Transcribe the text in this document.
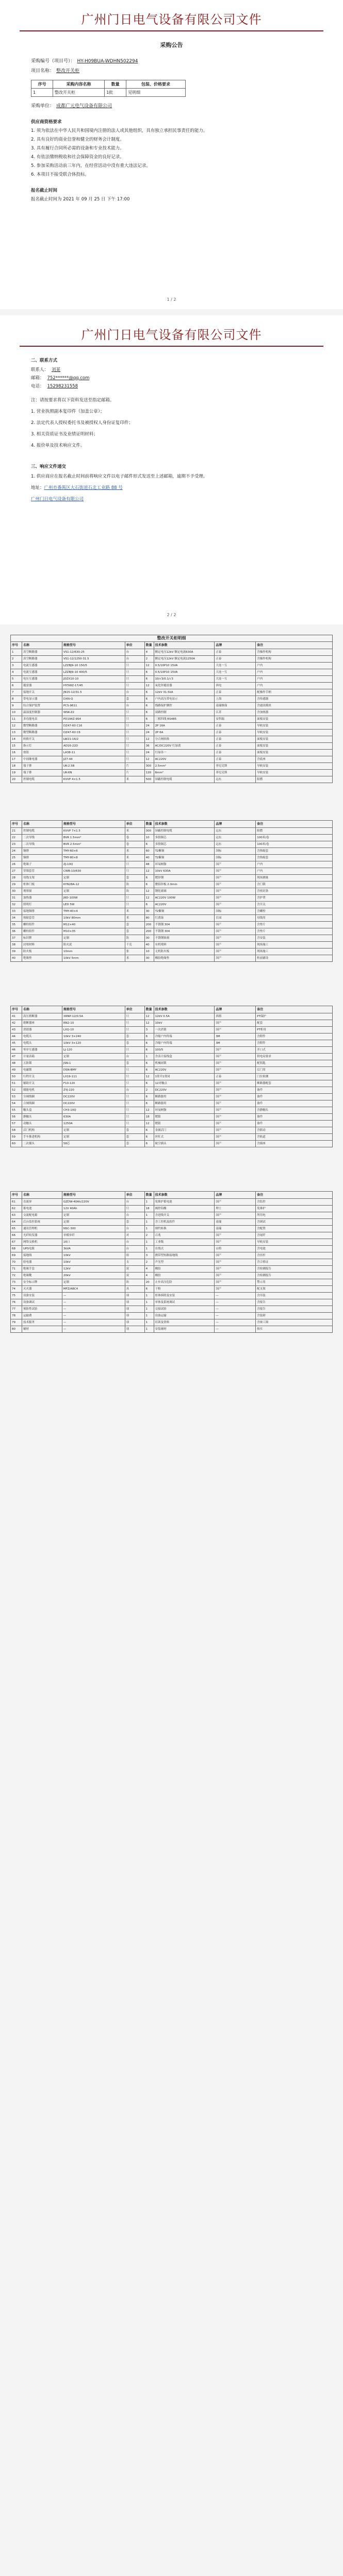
广州门日电气设备有限公司文件
采购公告
采购编号（项目号）： HY-H09BUA-WDHN502294
项目名称： 整改开关柜
序号	采购内容名称	数量	包装、价格要求
1	整改开关柜	1批	见明细
采购单位： 成都广元电气设备有限公司
供应商资格要求
1. 须为依法在中华人民共和国境内注册的法人或其他组织，具有独立承担民事责任的能力。
2. 具有良好的商业信誉和健全的财务会计制度。
3. 具有履行合同所必需的设备和专业技术能力。
4. 有依法缴纳税收和社会保障资金的良好记录。
5. 参加采购活动前三年内，在经营活动中没有重大违法记录。
6. 本项目不接受联合体投标。
报名截止时间
报名截止时间为 2021 年 09 月 25 日 下午 17:00
1 / 2
广州门日电气设备有限公司文件
二、联系方式
联系人： 刘某
邮箱： 752******@qq.com
电话： 15298231558
注：请按要求将以下资料发送至指定邮箱。
1. 营业执照副本复印件（加盖公章）；
2. 法定代表人授权委托书及被授权人身份证复印件；
3. 相关资质证书及业绩证明材料；
4. 报价单及技术响应文件。
三、响应文件递交
1. 供应商应在报名截止时间前将响应文件以电子邮件形式发送至上述邮箱，逾期不予受理。
地址：广州市番禺区大石街道石北工业路 88 号
广州门日电气设备有限公司
2 / 2
整改开关柜明细
序号	名称	规格型号	单位	数量 技术参数	品牌	备注
1	真空断路器	VS1-12/630-25	台	4	额定电压12kV 额定电流630A	正泰	含操作机构
2	真空断路器	VS1-12/1250-31.5	台	2	额定电压12kV 额定电流1250A	正泰	含操作机构
3	电流互感器	LZZBJ9-10 150/5	只	12	0.5/10P10 15VA	大连一互	户内
4	电流互感器	LZZBJ9-10 400/5	只	6	0.5/10P10 15VA	大连一互	户内
5	电压互感器	JDZX10-10	只	6	10/√3/0.1/√3	大连一互	户内
6	避雷器	HY5WZ-17/45	只	12	氧化锌避雷器	西电	户内
7	接地开关	JN15-12/31.5	台	6	12kV 31.5kA	正泰	配操作手柄
8	带电显示器	DXN-Q	套	6	户内高压带电显示	上海	含传感器
9	综合保护装置	PCS-9611	台	6	线路保护测控	南瑞继保	含通讯模块
10	温湿度控制器	WSK-Z2	只	6	双路控制	江苏	含加热器
11	多功能电表	PD194Z-9S4	只	6	三相四线 RS485	安科瑞	面板安装
12	微型断路器	DZ47-60 C16	只	24	2P 16A	正泰	导轨安装
13	微型断路器	DZ47-60 C6	只	24	2P 6A	正泰	导轨安装
14	转换开关	LW21-16/2	只	12	分合闸转换	正泰	面板安装
15	指示灯	AD16-22D	只	36	AC/DC220V 红绿黄	正泰	面板安装
16	按钮	LA38-11	只	24	红绿各一	正泰	面板安装
17	中间继电器	JZ7-44	只	12	AC220V	正泰	含底座
18	端子排	UK-2.5B	片	300	2.5mm²	菲尼克斯	导轨安装
19	端子排	UK-6N	片	120	6mm²	菲尼克斯	导轨安装
20	控制电缆	KVVP 4×1.5	米	500	屏蔽控制电缆	远东	阻燃
序号	名称	规格型号	单位	数量 技术参数	品牌	备注
21	控制电缆	KVVP 7×1.5	米	300	屏蔽控制电缆	远东	阻燃
22	二次导线	BVR 1.5mm²	卷	10	多股铜芯	远东	100米/卷
23	二次导线	BVR 2.5mm²	卷	6	多股铜芯	远东	100米/卷
24	铜排	TMY-60×6	米	60	T2紫铜	国标	含热缩套
25	铜排	TMY-80×8	米	40	T2紫铜	国标	含热缩套
26	绝缘子	ZJ-10Q	只	48	环氧树脂	国产	户内
27	穿墙套管	CWB-10/630	只	12	10kV 630A	国产	户内
28	母线支架	定制	套	6	镀锌钢	国产	现场测量
29	柜体门板	KYN28A-12	块	6	敷铝锌板 2.0mm	国产	含门锁
30	观察窗	定制	块	12	钢化玻璃	国产	含密封条
31	加热器	JRD-100W	只	12	AC220V 100W	国产	含护罩
32	照明灯	LED 5W	只	6	AC220V	国产	含开关
33	接地铜排	TMY-40×4	米	30	T2紫铜	国标	含螺栓
34	热缩套管	10kV 80mm	米	80	红黄绿	长园	母线用
35	螺栓组件	M12×40	套	200	不锈钢 304	国产	含垫片
36	螺栓组件	M10×35	套	200	不锈钢 304	国产	含垫片
37	标识牌	定制	块	30	不锈钢蚀刻	国产	含安装
38	封堵材料	防火泥	千克	40	有机堵料	国产	现场施工
39	防火板	10mm	张	10	无机防火板	国产	现场施工
40	绝缘垫	10kV 5mm	米	30	橡胶绝缘垫	国产	柜前铺设
序号	名称	规格型号	单位	数量 技术参数	品牌	备注
41	高压熔断器	XRNP-12/0.5A	只	12	12kV 0.5A	西熔	PT保护
42	熔断器座	RN2-10	只	12	10kV	国产	配套
43	消谐器	LXQ-10	只	3	一次消谐	国产	PT柜用
44	电缆头	10kV 3×240	套	6	冷缩户内终端	3M	含附件
45	电缆头	10kV 3×120	套	6	冷缩户内终端	3M	含附件
46	零序互感器	LJ-120	只	6	100/5	国产	开口式
47	计量表箱	定制	台	1	含表计接线盒	国产	供电局要求
48	五防锁	JSN-1	套	6	机械闭锁	国产	配钥匙
49	电磁锁	DSN-BMY	只	6	AC220V	国产	后门用
50	行程开关	LX19-111	只	12	1常开1常闭	正泰	门位检测
51	辅助开关	F10-12II	只	6	12对触点	国产	断路器配套
52	储能电机	ZYJ-220	台	2	DC220V	国产	备件
53	分闸线圈	DC220V	只	6	断路器用	国产	备件
54	合闸线圈	DC220V	只	6	断路器用	国产	备件
55	触头盒	CH3-10Q	只	12	环氧树脂	国产	含静触头
56	静触头	630A	只	18	镀银	国产	备件
57	动触头	1250A	只	12	镀银	国产	备件
58	活门机构	定制	套	6	金属活门	国产	含联动
59	手车推进机构	定制	套	6	丝杠式	国产	含轨道
60	二次插头	58芯	套	6	航空插头	国产	含插座
序号	名称	规格型号	单位	数量 技术参数	品牌	备注
61	直流屏	GZDW-40Ah/220V	台	1	免维护蓄电池	国产	含监控
62	蓄电池	12V 40Ah	只	18	阀控铅酸	理士	免维护
63	交流配电箱	定制	台	1	含进线开关	国产	所用电
64	后台监控系统	定制	套	1	含工控机及软件	南瑞	含调试
65	通讯管理机	NSC-300	台	1	规约转换	南瑞	含配置
66	光纤收发器	单模单纤	对	2	百兆	国产	含尾纤
67	网络交换机	16口	台	1	工业级	国产	导轨安装
68	UPS电源	3kVA	台	1	在线式	山特	含电池
69	接地线	10kV	组	3	携带型短路接地线	国产	含挂杆
70	验电器	10kV	支	2	声光型	国产	含合格证
71	绝缘手套	12kV	双	4	橡胶	国产	含检测报告
72	绝缘靴	20kV	双	4	橡胶	国产	含检测报告
73	安全标示牌	定制	块	20	止步高压危险	国产	警示用
74	灭火器	MFZ/ABC4	具	6	干粉	国产	配支架
75	设备安装	—	项	1	柜体拆除及安装	—	含吊装
76	设备调试	—	项	1	单体及系统调试	—	含报告
77	预防性试验	—	项	1	交接试验	—	含报告
78	运输费	—	项	1	设备运输	—	含装卸
79	技术服务	—	项	1	培训及资料	—	含竣工图
80	辅材	—	项	1	安装辅材	—	按实
